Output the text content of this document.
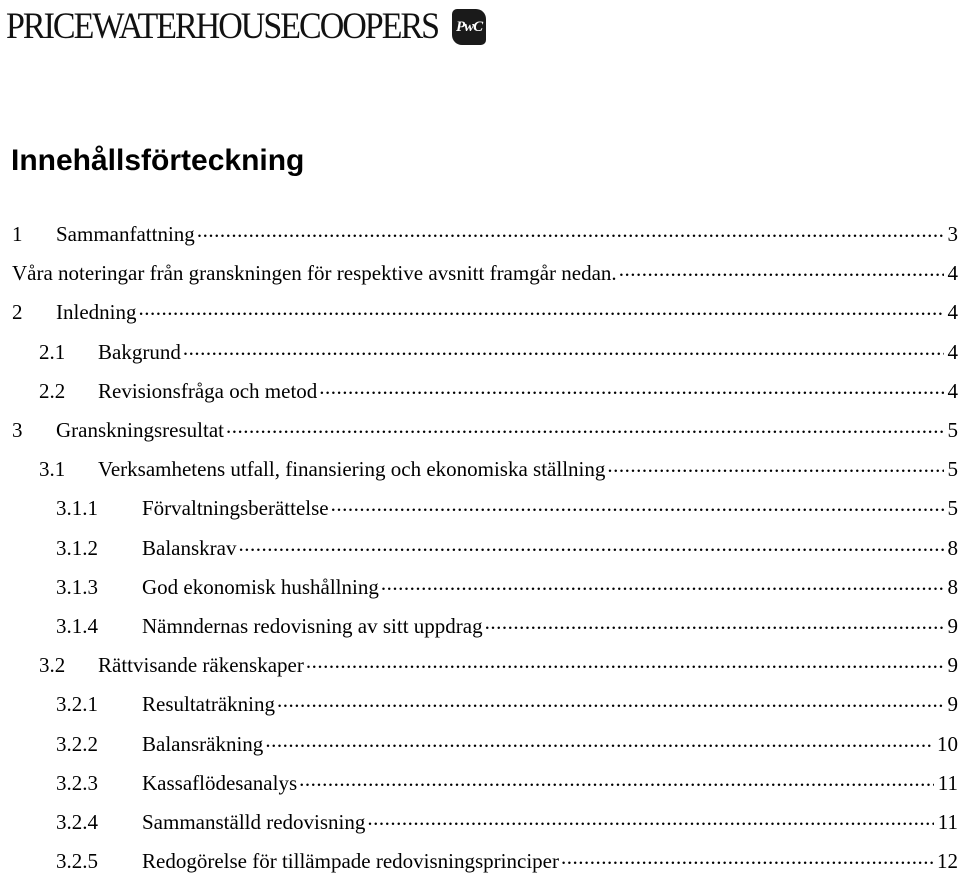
PRICEWATERHOUSECOOPERS PwC
Innehållsförteckning
1	Sammanfattning .....	3
Våra noteringar från granskningen för respektive avsnitt framgår nedan. .....	4
2	Inledning .....	4
2.1	Bakgrund .....	4
2.2	Revisionsfråga och metod .....	4
3	Granskningsresultat .....	5
3.1	Verksamhetens utfall, finansiering och ekonomiska ställning .....	5
3.1.1	Förvaltningsberättelse .....	5
3.1.2	Balanskrav .....	8
3.1.3	God ekonomisk hushållning .....	8
3.1.4	Nämndernas redovisning av sitt uppdrag .....	9
3.2	Rättvisande räkenskaper .....	9
3.2.1	Resultaträkning .....	9
3.2.2	Balansräkning .....	10
3.2.3	Kassaflödesanalys .....	11
3.2.4	Sammanställd redovisning .....	11
3.2.5	Redogörelse för tillämpade redovisningsprinciper .....	12
